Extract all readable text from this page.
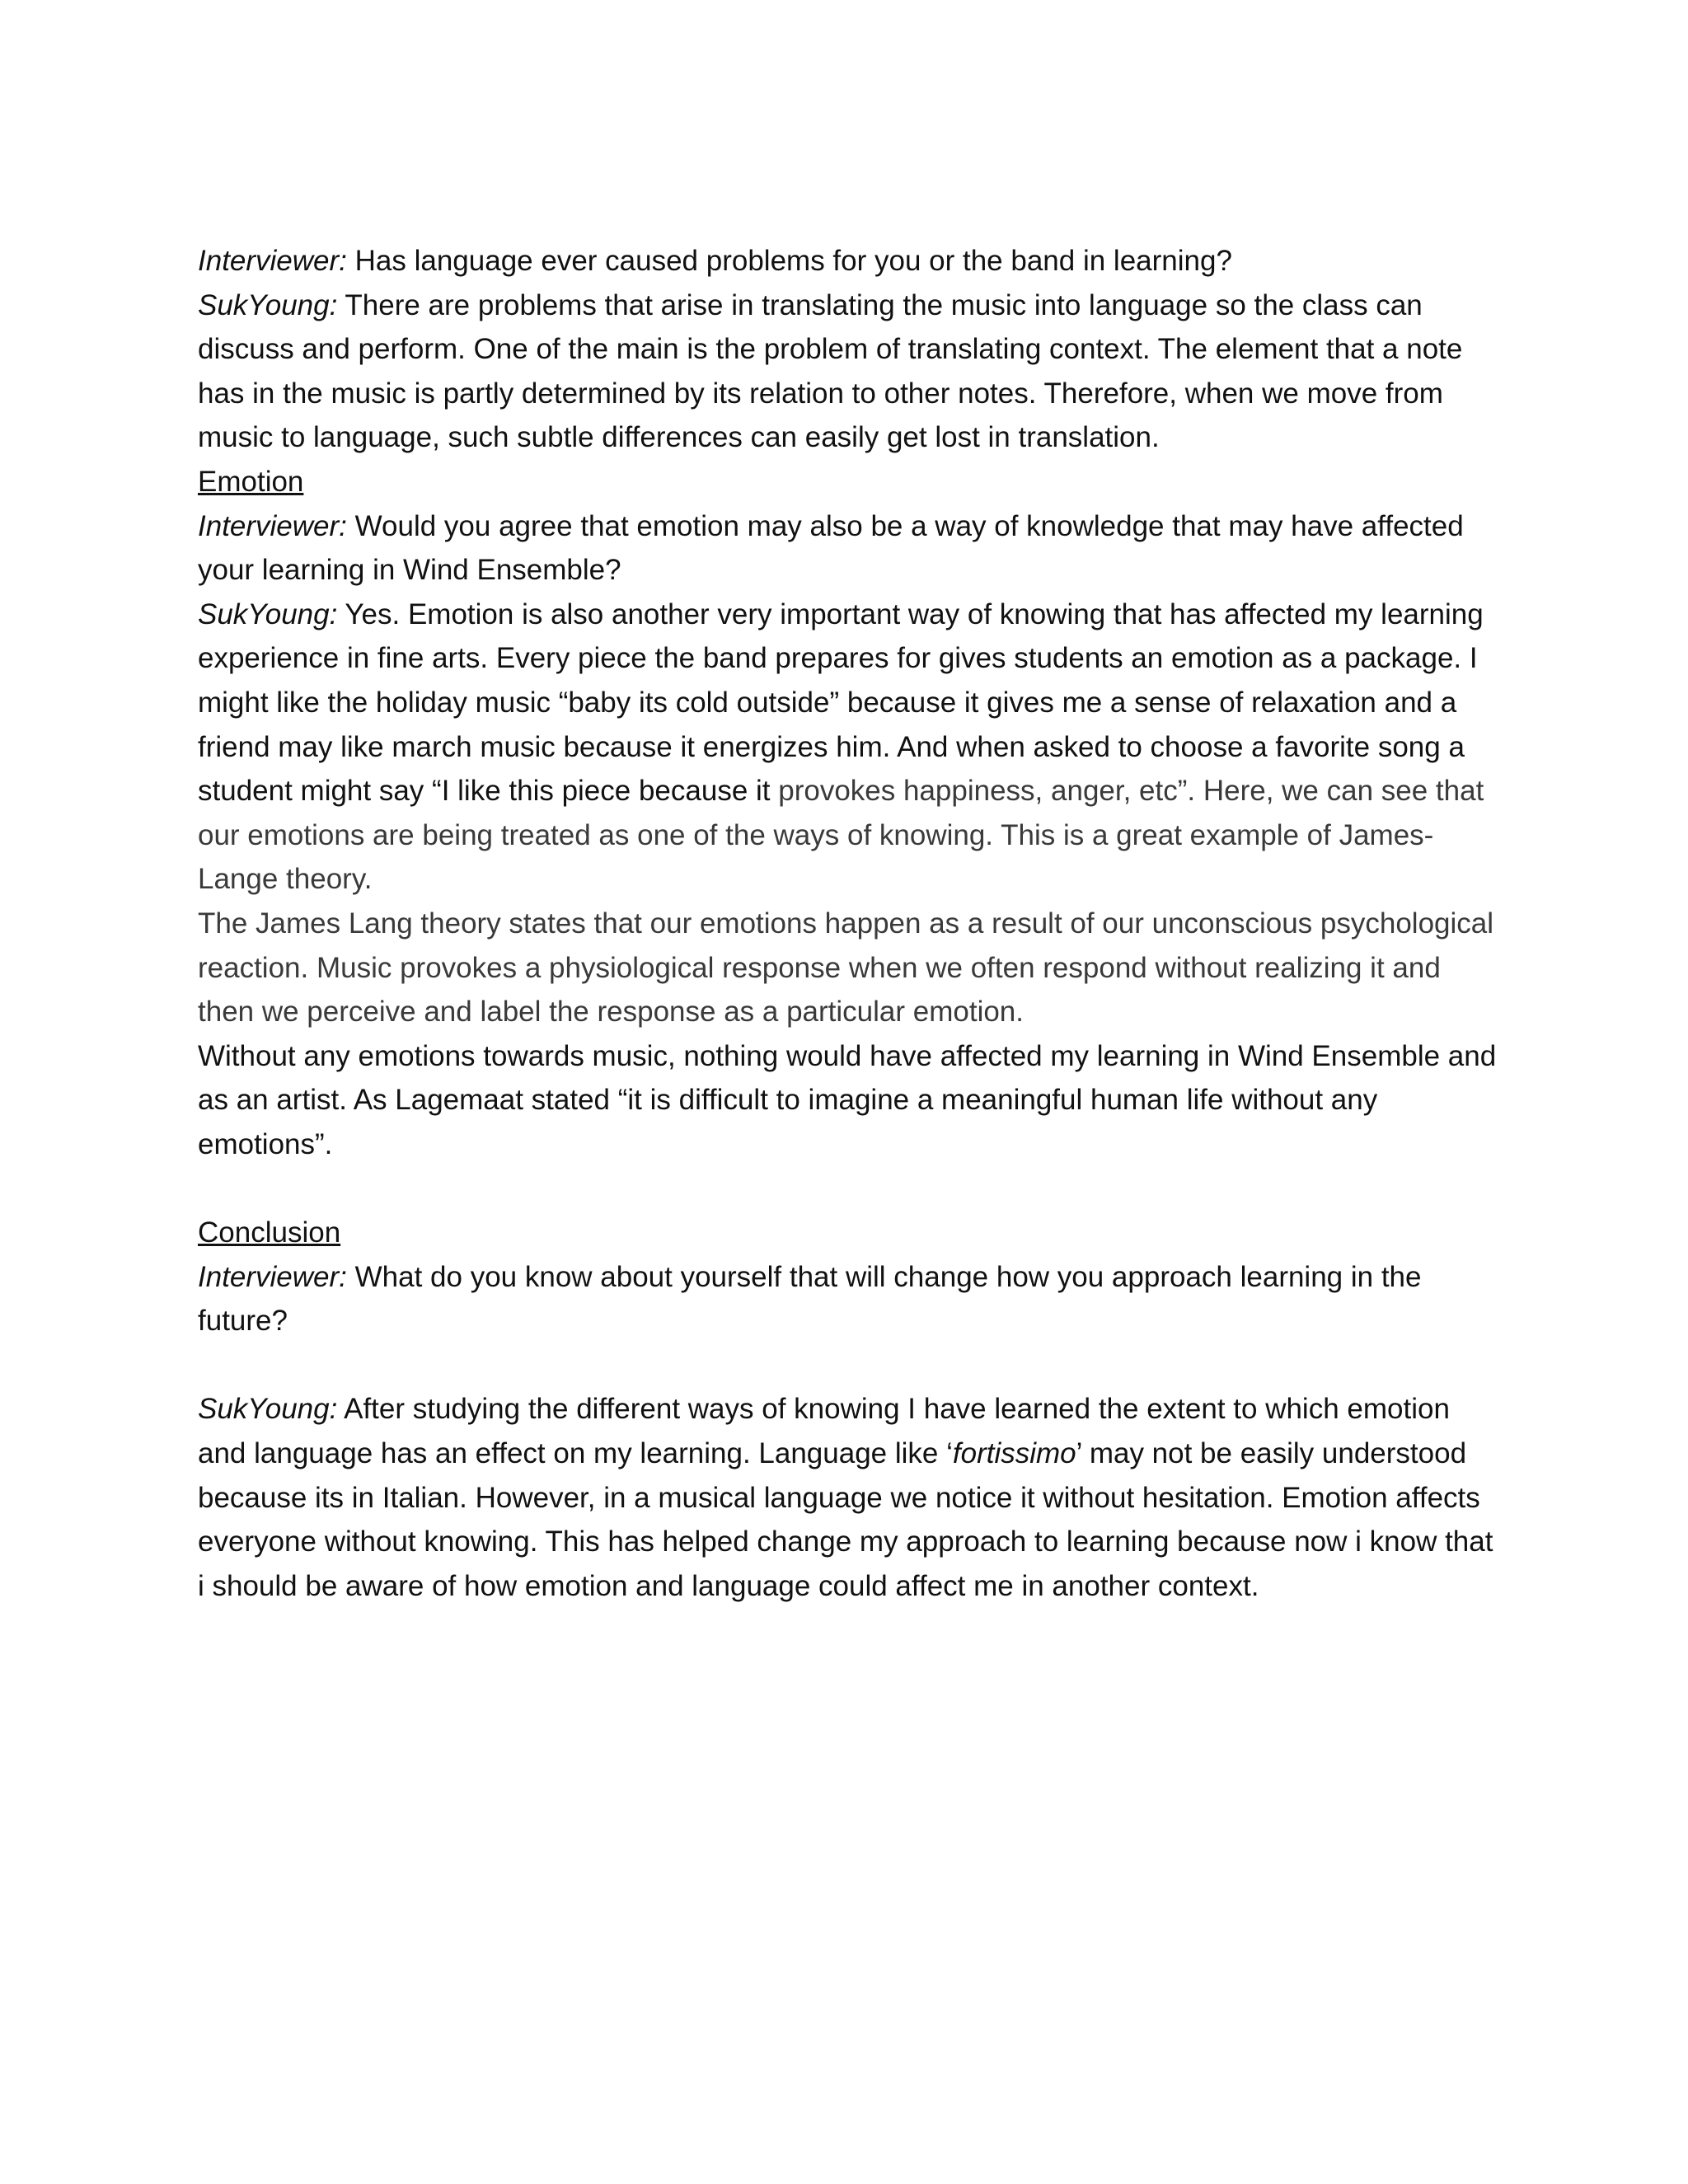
Interviewer: Has language ever caused problems for you or the band in learning?

SukYoung: There are problems that arise in translating the music into language so the class can discuss and perform. One of the main is the problem of translating context. The element that a note has in the music is partly determined by its relation to other notes. Therefore, when we move from music to language, such subtle differences can easily get lost in translation.

Emotion

Interviewer: Would you agree that emotion may also be a way of knowledge that may have affected your learning in Wind Ensemble?

SukYoung: Yes. Emotion is also another very important way of knowing that has affected my learning experience in fine arts. Every piece the band prepares for gives students an emotion as a package. I might like the holiday music “baby its cold outside” because it gives me a sense of relaxation and a friend may like march music because it energizes him. And when asked to choose a favorite song a student might say “I like this piece because it provokes happiness, anger, etc”. Here, we can see that our emotions are being treated as one of the ways of knowing. This is a great example of James-Lange theory.

The James Lang theory states that our emotions happen as a result of our unconscious psychological reaction. Music provokes a physiological response when we often respond without realizing it and then we perceive and label the response as a particular emotion.

Without any emotions towards music, nothing would have affected my learning in Wind Ensemble and as an artist. As Lagemaat stated “it is difficult to imagine a meaningful human life without any emotions”.

Conclusion

Interviewer: What do you know about yourself that will change how you approach learning in the future?

SukYoung: After studying the different ways of knowing I have learned the extent to which emotion and language has an effect on my learning. Language like ‘fortissimo’ may not be easily understood because its in Italian. However, in a musical language we notice it without hesitation. Emotion affects everyone without knowing. This has helped change my approach to learning because now i know that i should be aware of how emotion and language could affect me in another context.
